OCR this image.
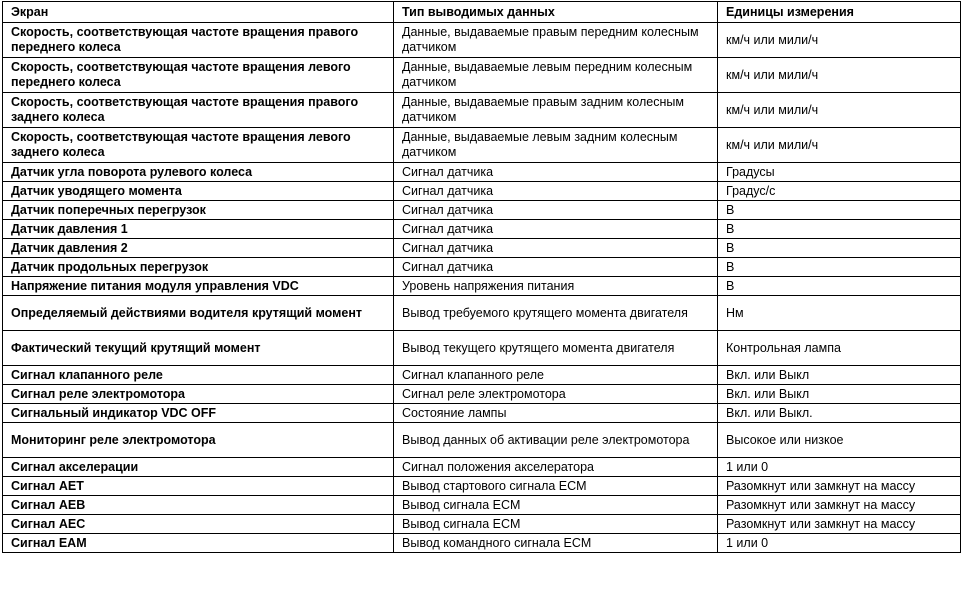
Экран	Тип выводимых данных	Единицы измерения
Скорость, соответствующая частоте вращения правого переднего колеса	Данные, выдаваемые правым передним колесным датчиком	км/ч или мили/ч
Скорость, соответствующая частоте вращения левого переднего колеса	Данные, выдаваемые левым передним колесным датчиком	км/ч или мили/ч
Скорость, соответствующая частоте вращения правого заднего колеса	Данные, выдаваемые правым задним колесным датчиком	км/ч или мили/ч
Скорость, соответствующая частоте вращения левого заднего колеса	Данные, выдаваемые левым задним колесным датчиком	км/ч или мили/ч
Датчик угла поворота рулевого колеса	Сигнал датчика	Градусы
Датчик уводящего момента	Сигнал датчика	Градус/с
Датчик поперечных перегрузок	Сигнал датчика	В
Датчик давления 1	Сигнал датчика	В
Датчик давления 2	Сигнал датчика	В
Датчик продольных перегрузок	Сигнал датчика	В
Напряжение питания модуля управления VDC	Уровень напряжения питания	В
Определяемый действиями водителя крутящий момент	Вывод требуемого крутящего момента двигателя	Нм
Фактический текущий крутящий момент	Вывод текущего крутящего момента двигателя	Контрольная лампа
Сигнал клапанного реле	Сигнал клапанного реле	Вкл. или Выкл
Сигнал реле электромотора	Сигнал реле электромотора	Вкл. или Выкл
Сигнальный индикатор VDC OFF	Состояние лампы	Вкл. или Выкл.
Мониторинг реле электромотора	Вывод данных об активации реле электромотора	Высокое или низкое
Сигнал акселерации	Сигнал положения акселератора	1 или 0
Сигнал AET	Вывод стартового сигнала ECM	Разомкнут или замкнут на массу
Сигнал AEB	Вывод сигнала ECM	Разомкнут или замкнут на массу
Сигнал AEC	Вывод сигнала ECM	Разомкнут или замкнут на массу
Сигнал EAM	Вывод командного сигнала ECM	1 или 0
